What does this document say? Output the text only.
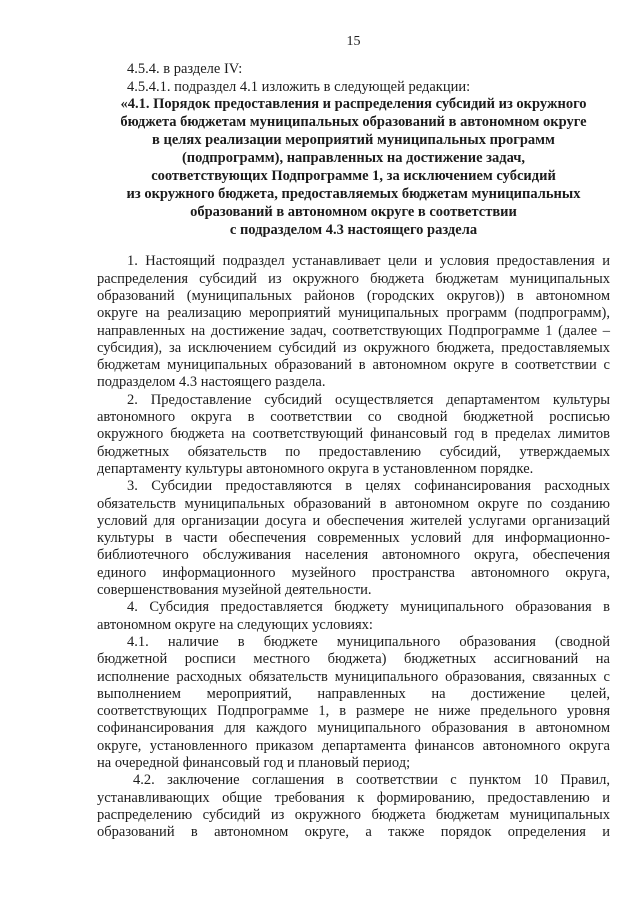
15
4.5.4. в разделе IV:
4.5.4.1. подраздел 4.1 изложить в следующей редакции:
«4.1. Порядок предоставления и распределения субсидий из окружного
бюджета бюджетам муниципальных образований в автономном округе
в целях реализации мероприятий муниципальных программ
(подпрограмм), направленных на достижение задач,
соответствующих Подпрограмме 1, за исключением субсидий
из окружного бюджета, предоставляемых бюджетам муниципальных
образований в автономном округе в соответствии
с подразделом 4.3 настоящего раздела
1. Настоящий подраздел устанавливает цели и условия предоставления и
распределения субсидий из окружного бюджета бюджетам муниципальных
образований (муниципальных районов (городских округов)) в автономном
округе на реализацию мероприятий муниципальных программ (подпрограмм),
направленных на достижение задач, соответствующих Подпрограмме 1 (далее –
субсидия), за исключением субсидий из окружного бюджета, предоставляемых
бюджетам муниципальных образований в автономном округе в соответствии с
подразделом 4.3 настоящего раздела.
2. Предоставление субсидий осуществляется департаментом культуры
автономного округа в соответствии со сводной бюджетной росписью
окружного бюджета на соответствующий финансовый год в пределах лимитов
бюджетных обязательств по предоставлению субсидий, утверждаемых
департаменту культуры автономного округа в установленном порядке.
3. Субсидии предоставляются в целях софинансирования расходных
обязательств муниципальных образований в автономном округе по созданию
условий для организации досуга и обеспечения жителей услугами организаций
культуры в части обеспечения современных условий для информационно-
библиотечного обслуживания населения автономного округа, обеспечения
единого информационного музейного пространства автономного округа,
совершенствования музейной деятельности.
4. Субсидия предоставляется бюджету муниципального образования в
автономном округе на следующих условиях:
4.1. наличие в бюджете муниципального образования (сводной
бюджетной росписи местного бюджета) бюджетных ассигнований на
исполнение расходных обязательств муниципального образования, связанных с
выполнением мероприятий, направленных на достижение целей,
соответствующих Подпрограмме 1, в размере не ниже предельного уровня
софинансирования для каждого муниципального образования в автономном
округе, установленного приказом департамента финансов автономного округа
на очередной финансовый год и плановый период;
4.2. заключение соглашения в соответствии с пунктом 10 Правил,
устанавливающих общие требования к формированию, предоставлению и
распределению субсидий из окружного бюджета бюджетам муниципальных
образований в автономном округе, а также порядок определения и
